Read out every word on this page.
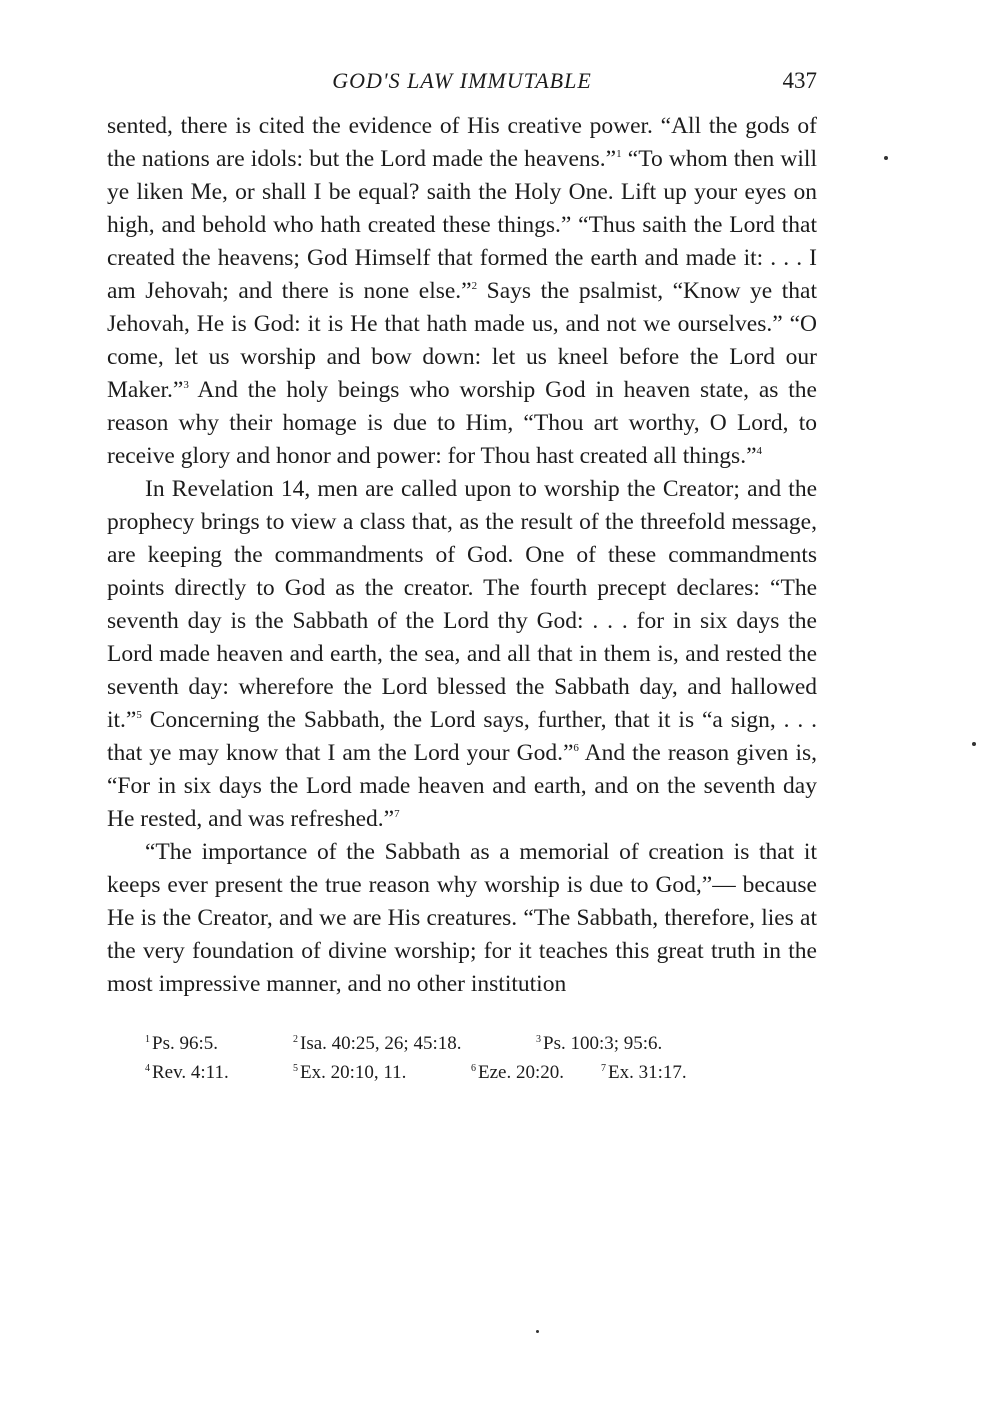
GOD'S LAW IMMUTABLE	437

sented, there is cited the evidence of His creative power. “All the gods of the nations are idols: but the Lord made the heavens.”$^1$ “To whom then will ye liken Me, or shall I be equal? saith the Holy One. Lift up your eyes on high, and behold who hath created these things.” “Thus saith the Lord that created the heavens; God Himself that formed the earth and made it: . . . I am Jehovah; and there is none else.”$^2$ Says the psalmist, “Know ye that Jehovah, He is God: it is He that hath made us, and not we ourselves.” “O come, let us worship and bow down: let us kneel before the Lord our Maker.”$^3$ And the holy beings who worship God in heaven state, as the reason why their homage is due to Him, “Thou art worthy, O Lord, to receive glory and honor and power: for Thou hast created all things.”$^4$

In Revelation 14, men are called upon to worship the Creator; and the prophecy brings to view a class that, as the result of the threefold message, are keeping the commandments of God. One of these commandments points directly to God as the creator. The fourth precept declares: “The seventh day is the Sabbath of the Lord thy God: . . . for in six days the Lord made heaven and earth, the sea, and all that in them is, and rested the seventh day: wherefore the Lord blessed the Sabbath day, and hallowed it.”$^5$ Concerning the Sabbath, the Lord says, further, that it is “a sign, . . . that ye may know that I am the Lord your God.”$^6$ And the reason given is, “For in six days the Lord made heaven and earth, and on the seventh day He rested, and was refreshed.”$^7$

“The importance of the Sabbath as a memorial of creation is that it keeps ever present the true reason why worship is due to God,”— because He is the Creator, and we are His creatures. “The Sabbath, therefore, lies at the very foundation of divine worship; for it teaches this great truth in the most impressive manner, and no other institution

$^1$ Ps. 96:5.	$^2$ Isa. 40:25, 26; 45:18.	$^3$ Ps. 100:3; 95:6.
$^4$ Rev. 4:11.	$^5$ Ex. 20:10, 11.	$^6$ Eze. 20:20.	$^7$ Ex. 31:17.
